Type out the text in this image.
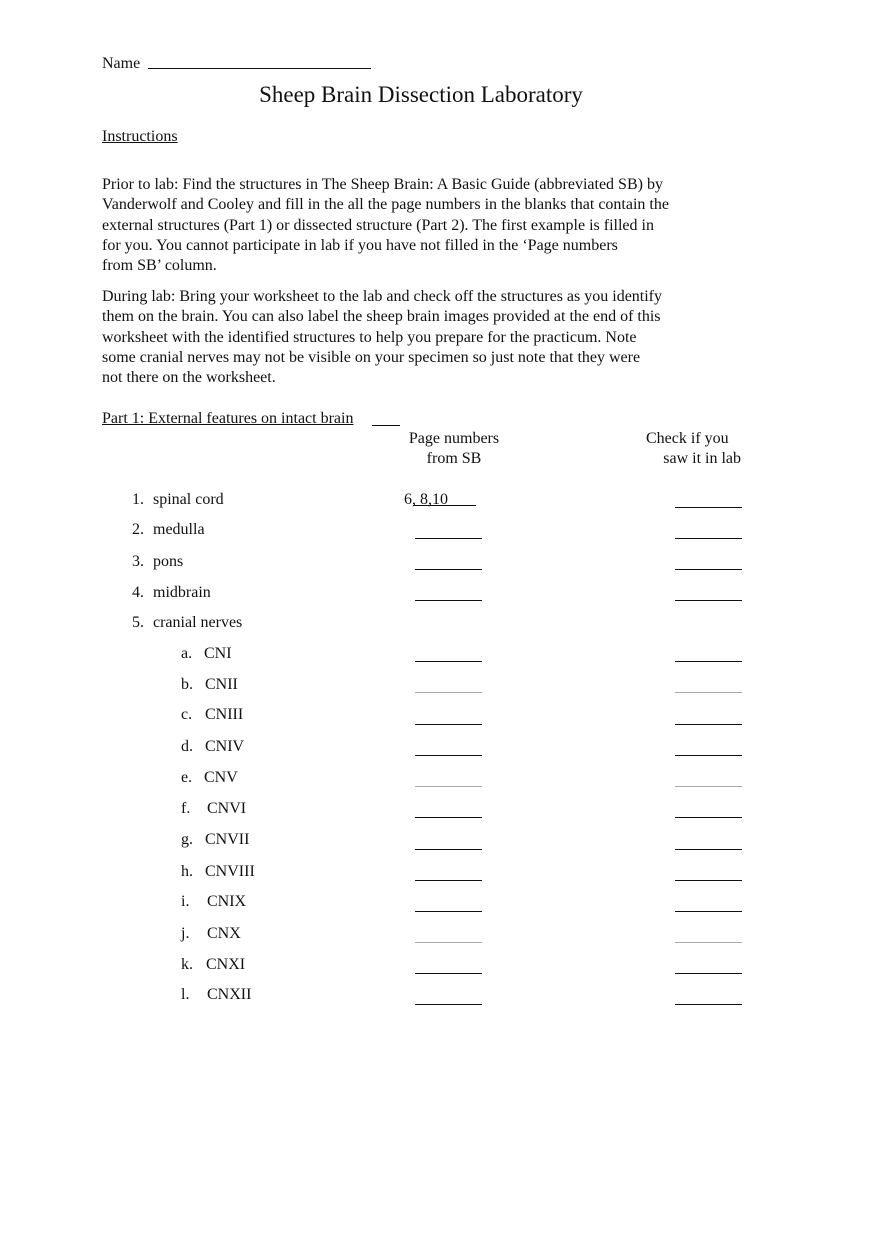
Name
Sheep Brain Dissection Laboratory
Instructions

Prior to lab: Find the structures in The Sheep Brain: A Basic Guide (abbreviated SB) by
Vanderwolf and Cooley and fill in the all the page numbers in the blanks that contain the
external structures (Part 1) or dissected structure (Part 2). The first example is filled in
for you. You cannot participate in lab if you have not filled in the ‘Page numbers
from SB’ column.

During lab: Bring your worksheet to the lab and check off the structures as you identify
them on the brain. You can also label the sheep brain images provided at the end of this
worksheet with the identified structures to help you prepare for the practicum. Note
some cranial nerves may not be visible on your specimen so just note that they were
not there on the worksheet.

Part 1: External features on intact brain
Page numbers
from SB
Check if you
saw it in lab
1. spinal cord	6, 8,10
2. medulla
3. pons
4. midbrain
5. cranial nerves
a. CNI
b. CNII
c. CNIII
d. CNIV
e. CNV
f. CNVI
g. CNVII
h. CNVIII
i. CNIX
j. CNX
k. CNXI
l. CNXII
